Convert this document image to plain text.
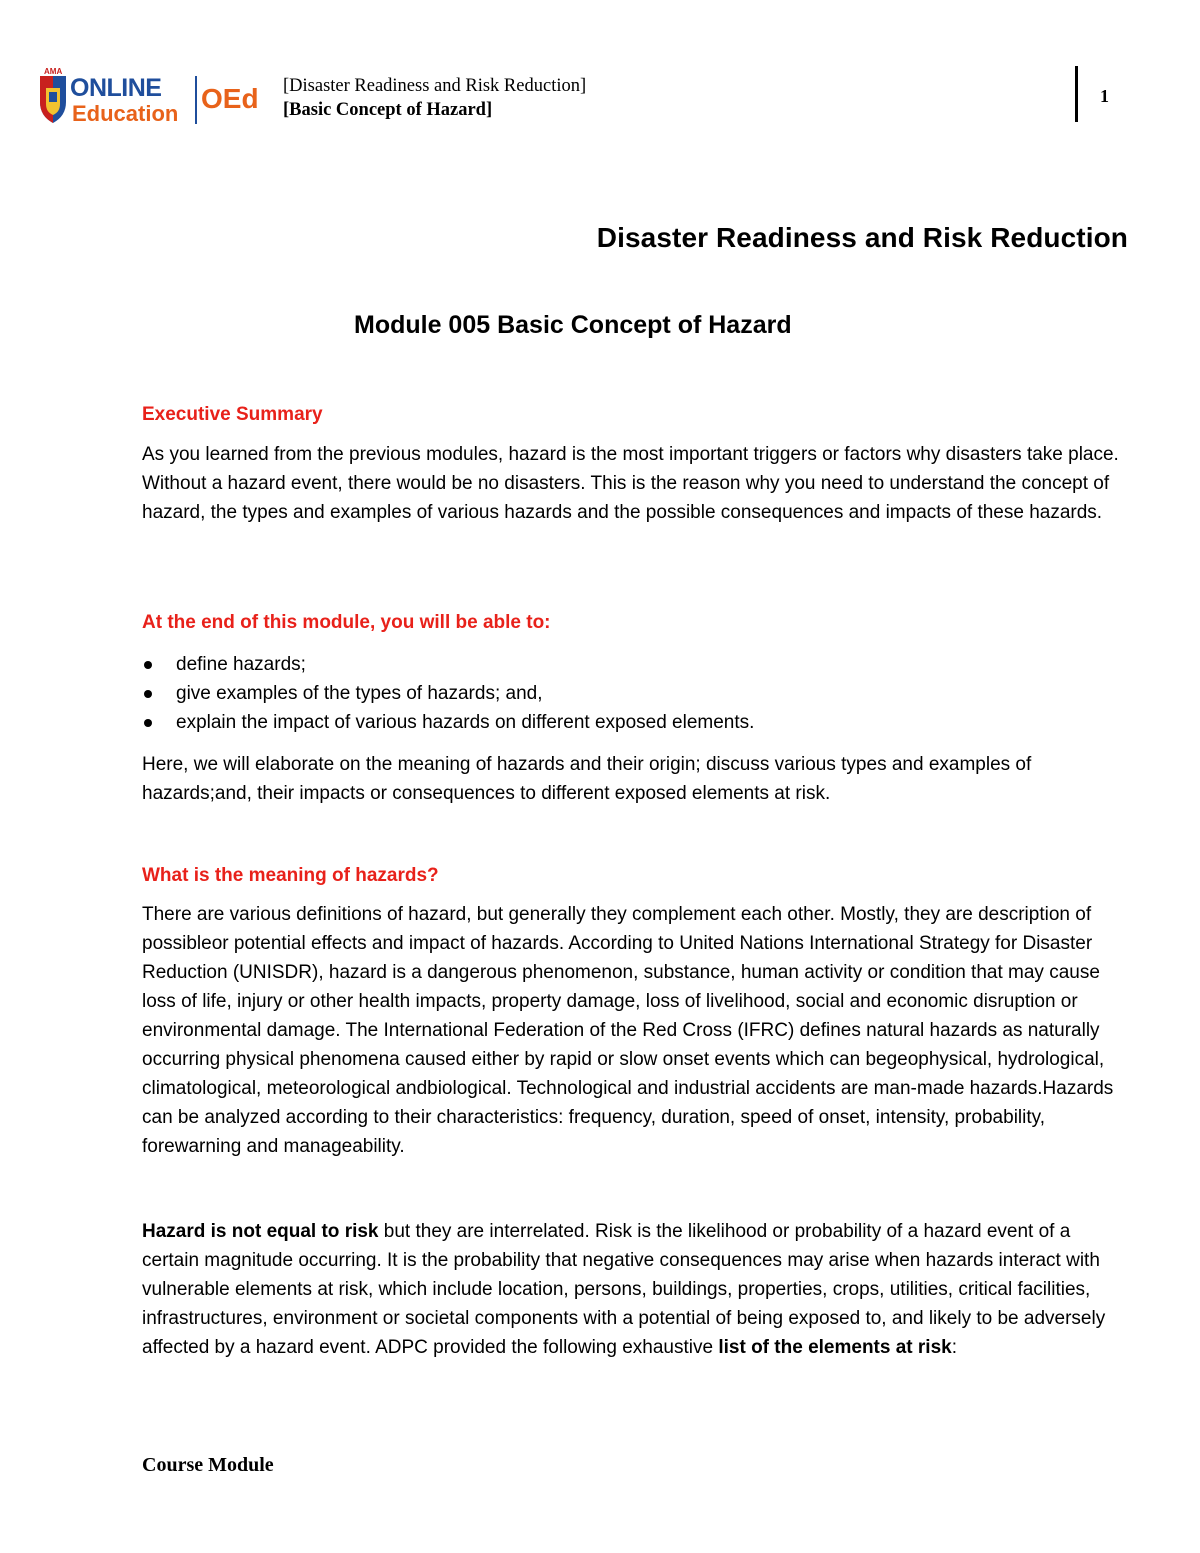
AMA
ONLINE
Education OEd [Disaster Readiness and Risk Reduction]
[Basic Concept of Hazard]
1
Disaster Readiness and Risk Reduction
Module 005 Basic Concept of Hazard
Executive Summary

As you learned from the previous modules, hazard is the most important triggers or factors why disasters take place. Without a hazard event, there would be no disasters. This is the reason why you need to understand the concept of hazard, the types and examples of various hazards and the possible consequences and impacts of these hazards.

At the end of this module, you will be able to:
define hazards;
give examples of the types of hazards; and,
explain the impact of various hazards on different exposed elements.

Here, we will elaborate on the meaning of hazards and their origin; discuss various types and examples of hazards;and, their impacts or consequences to different exposed elements at risk.

What is the meaning of hazards?

There are various definitions of hazard, but generally they complement each other. Mostly, they are description of possibleor potential effects and impact of hazards. According to United Nations International Strategy for Disaster Reduction (UNISDR), hazard is a dangerous phenomenon, substance, human activity or condition that may cause loss of life, injury or other health impacts, property damage, loss of livelihood, social and economic disruption or environmental damage. The International Federation of the Red Cross (IFRC) defines natural hazards as naturally occurring physical phenomena caused either by rapid or slow onset events which can begeophysical, hydrological, climatological, meteorological andbiological. Technological and industrial accidents are man-made hazards.Hazards can be analyzed according to their characteristics: frequency, duration, speed of onset, intensity, probability, forewarning and manageability.

Hazard is not equal to risk but they are interrelated. Risk is the likelihood or probability of a hazard event of a certain magnitude occurring. It is the probability that negative consequences may arise when hazards interact with vulnerable elements at risk, which include location, persons, buildings, properties, crops, utilities, critical facilities, infrastructures, environment or societal components with a potential of being exposed to, and likely to be adversely affected by a hazard event. ADPC provided the following exhaustive list of the elements at risk:

Course Module
